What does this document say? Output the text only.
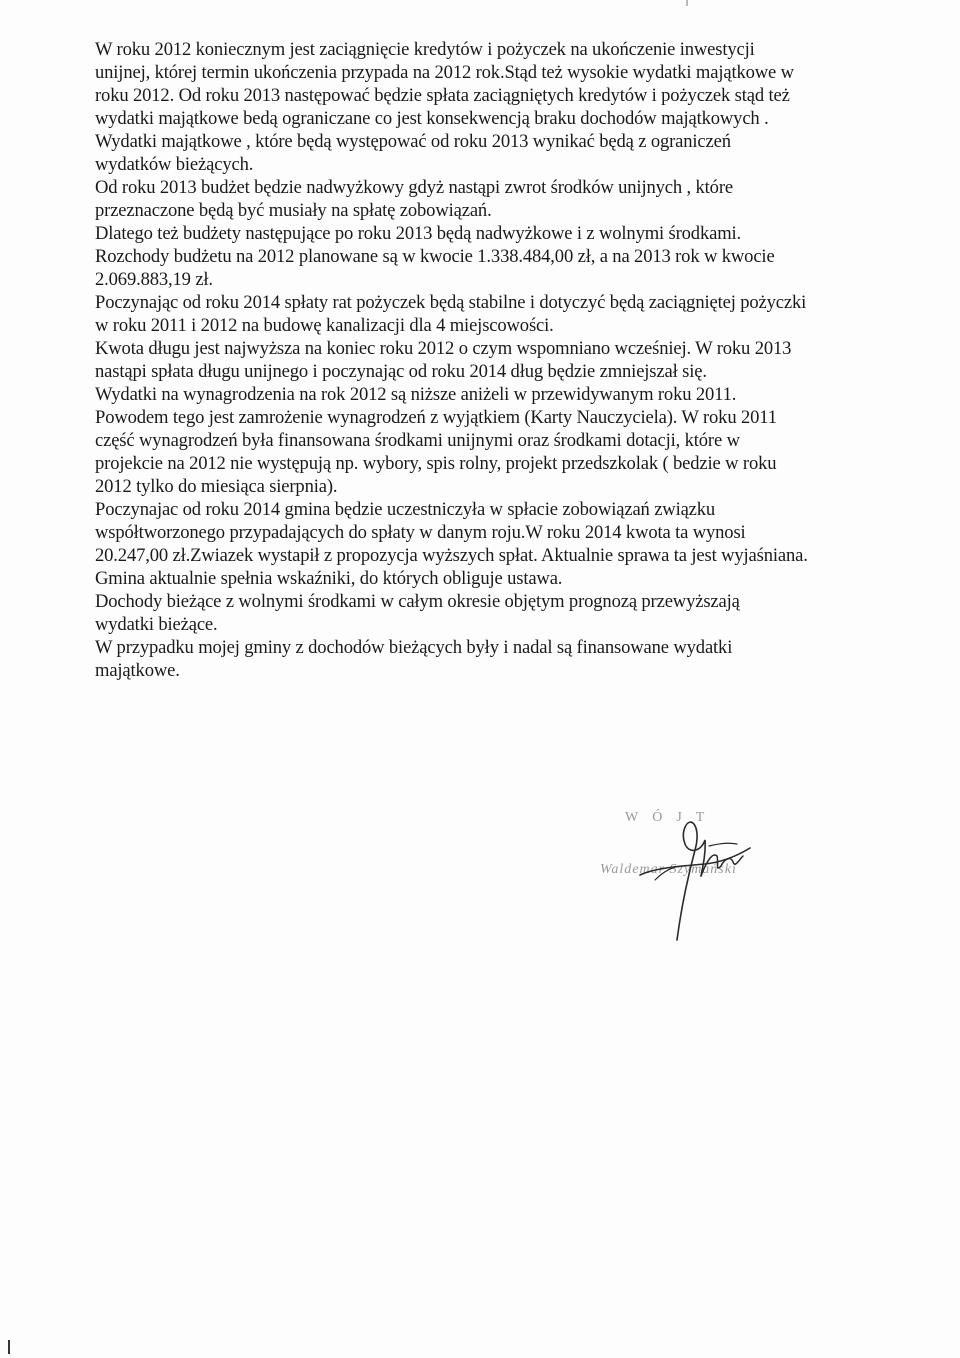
W roku 2012 koniecznym jest zaciągnięcie kredytów i pożyczek na ukończenie inwestycji
unijnej, której termin ukończenia przypada na 2012 rok.Stąd też wysokie wydatki majątkowe w
roku 2012. Od roku 2013 następować będzie spłata zaciągniętych kredytów i pożyczek stąd też
wydatki majątkowe bedą ograniczane co jest konsekwencją braku dochodów majątkowych .
Wydatki majątkowe , które będą występować od roku 2013 wynikać będą z ograniczeń
wydatków bieżących.
Od roku 2013 budżet będzie nadwyżkowy gdyż nastąpi zwrot środków unijnych , które
przeznaczone będą być musiały na spłatę zobowiązań.
Dlatego też budżety następujące po roku 2013 będą nadwyżkowe i z wolnymi środkami.
Rozchody budżetu na 2012 planowane są w kwocie 1.338.484,00 zł, a na 2013 rok w kwocie
2.069.883,19 zł.
Poczynając od roku 2014 spłaty rat pożyczek będą stabilne i dotyczyć będą zaciągniętej pożyczki
w roku 2011 i 2012 na budowę kanalizacji dla 4 miejscowości.
Kwota długu jest najwyższa na koniec roku 2012 o czym wspomniano wcześniej. W roku 2013
nastąpi spłata długu unijnego i poczynając od roku 2014 dług będzie zmniejszał się.
Wydatki na wynagrodzenia na rok 2012 są niższe aniżeli w przewidywanym roku 2011.
Powodem tego jest zamrożenie wynagrodzeń z wyjątkiem (Karty Nauczyciela). W roku 2011
część wynagrodzeń była finansowana środkami unijnymi oraz środkami dotacji, które w
projekcie na 2012 nie występują np. wybory, spis rolny, projekt przedszkolak ( bedzie w roku
2012 tylko do miesiąca sierpnia).
Poczynajac od roku 2014 gmina będzie uczestniczyła w spłacie zobowiązań związku
współtworzonego przypadających do spłaty w danym roju.W roku 2014 kwota ta wynosi
20.247,00 zł.Zwiazek wystapił z propozycja wyższych spłat. Aktualnie sprawa ta jest wyjaśniana.
Gmina aktualnie spełnia wskaźniki, do których obliguje ustawa.
Dochody bieżące z wolnymi środkami w całym okresie objętym prognozą przewyższają
wydatki bieżące.
W przypadku mojej gminy z dochodów bieżących były i nadal są finansowane wydatki
majątkowe.
WÓJT
Waldemar Szymański
